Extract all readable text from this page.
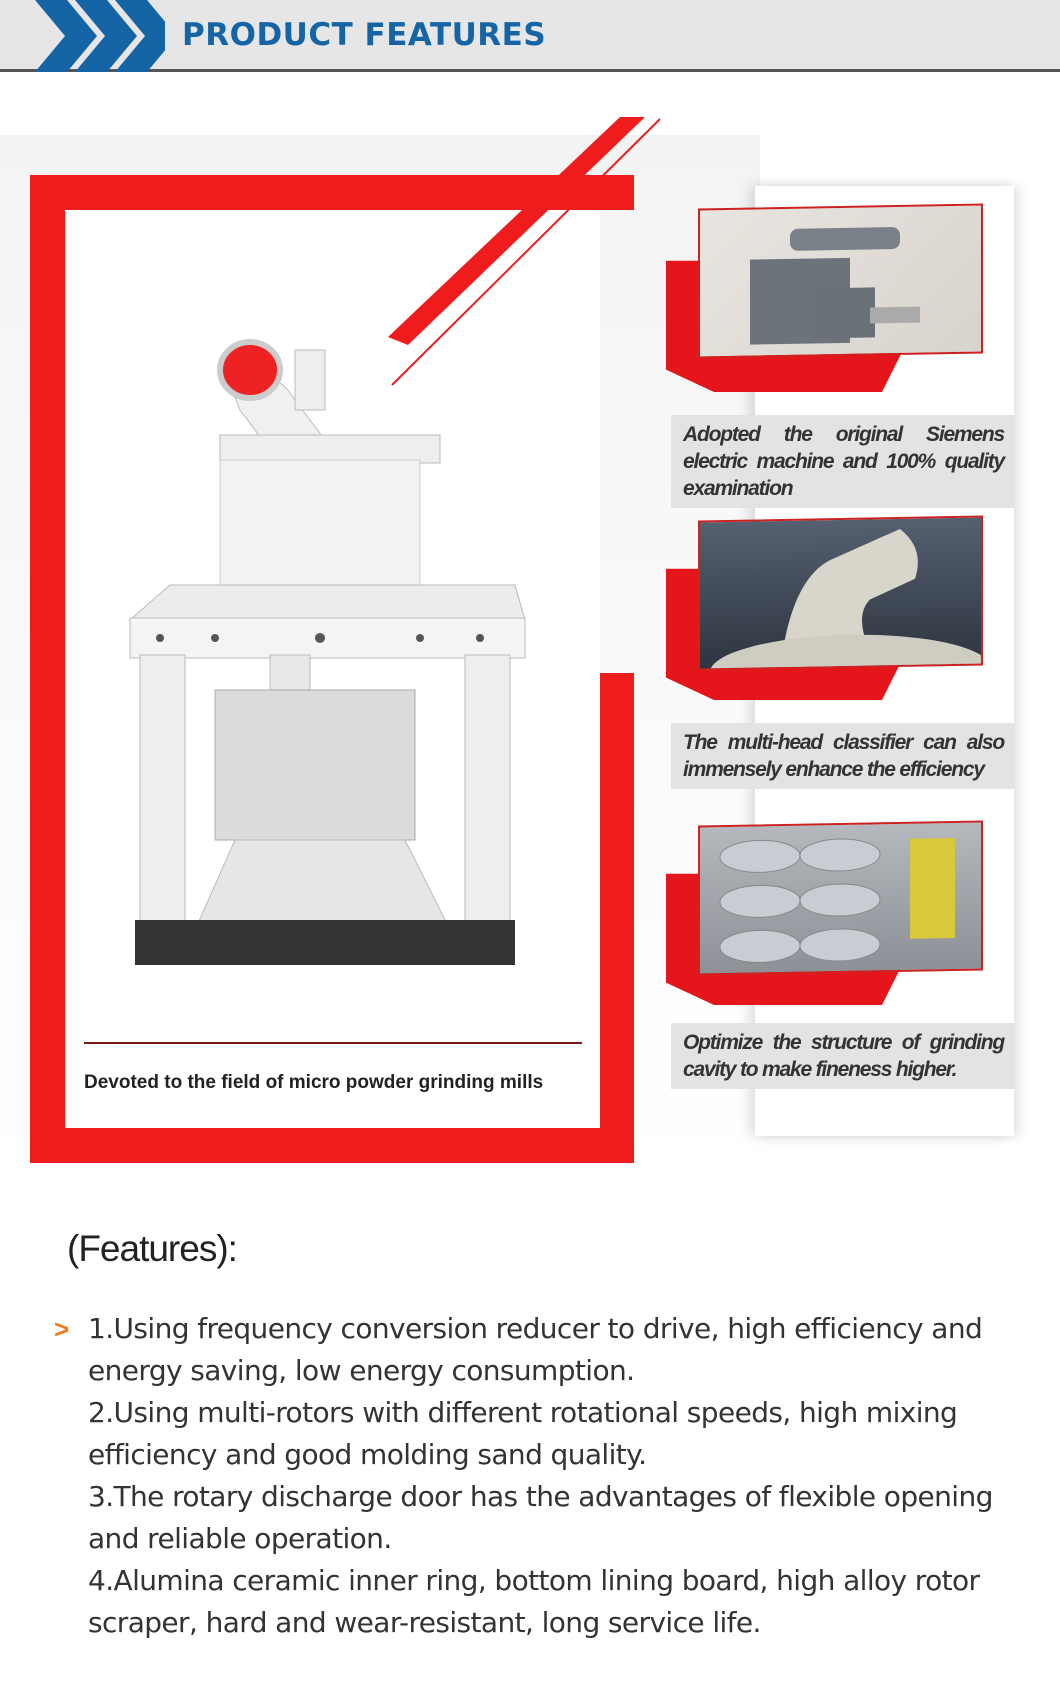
PRODUCT FEATURES
Devoted to the field of micro powder grinding mills
Adopted the original Siemens electric machine and 100% quality examination
The multi-head classifier can also immensely enhance the efficiency
Optimize the structure of grinding cavity to make fineness higher.
(Features):
> 1.Using frequency conversion reducer to drive, high efficiency and energy saving, low energy consumption.
2.Using multi-rotors with different rotational speeds, high mixing efficiency and good molding sand quality.
3.The rotary discharge door has the advantages of flexible opening and reliable operation.
4.Alumina ceramic inner ring, bottom lining board, high alloy rotor scraper, hard and wear-resistant, long service life.
